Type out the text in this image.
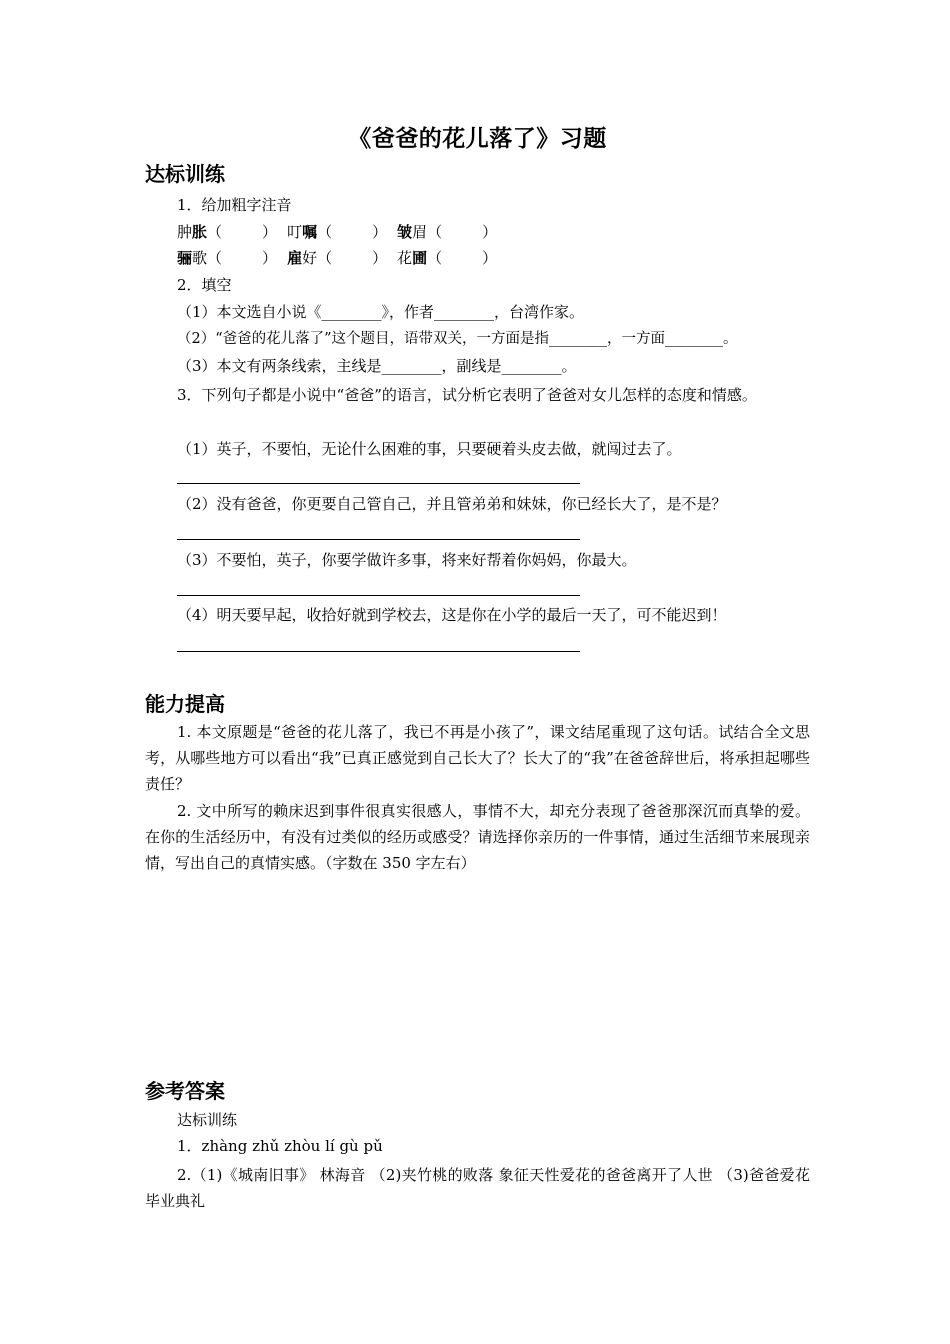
《爸爸的花儿落了》习题
达标训练
1．给加粗字注音
肿胀（	） 叮嘱（	） 皱眉（	）
骊歌（	） 雇好（	） 花圃（	）
2．填空
（1）本文选自小说《________》，作者________，台湾作家。
（2）“爸爸的花儿落了”这个题目，语带双关，一方面是指________，一方面________。
（3）本文有两条线索，主线是________，副线是________。
3．下列句子都是小说中“爸爸”的语言，试分析它表明了爸爸对女儿怎样的态度和情感。
（1）英子，不要怕，无论什么困难的事，只要硬着头皮去做，就闯过去了。
（2）没有爸爸，你更要自己管自己，并且管弟弟和妹妹，你已经长大了，是不是？
（3）不要怕，英子，你要学做许多事，将来好帮着你妈妈，你最大。
（4）明天要早起，收拾好就到学校去，这是你在小学的最后一天了，可不能迟到！
能力提高
1. 本文原题是“爸爸的花儿落了，我已不再是小孩了”，课文结尾重现了这句话。试结合全文思考，从哪些地方可以看出“我”已真正感觉到自己长大了？长大了的“我”在爸爸辞世后，将承担起哪些责任？
2. 文中所写的赖床迟到事件很真实很感人，事情不大，却充分表现了爸爸那深沉而真挚的爱。在你的生活经历中，有没有过类似的经历或感受？请选择你亲历的一件事情，通过生活细节来展现亲情，写出自己的真情实感。（字数在 350 字左右）
参考答案
达标训练
1．zhàng zhǔ zhòu lí gù pǔ
2.（1)《城南旧事》 林海音 （2)夹竹桃的败落 象征天性爱花的爸爸离开了人世 （3)爸爸爱花 毕业典礼
